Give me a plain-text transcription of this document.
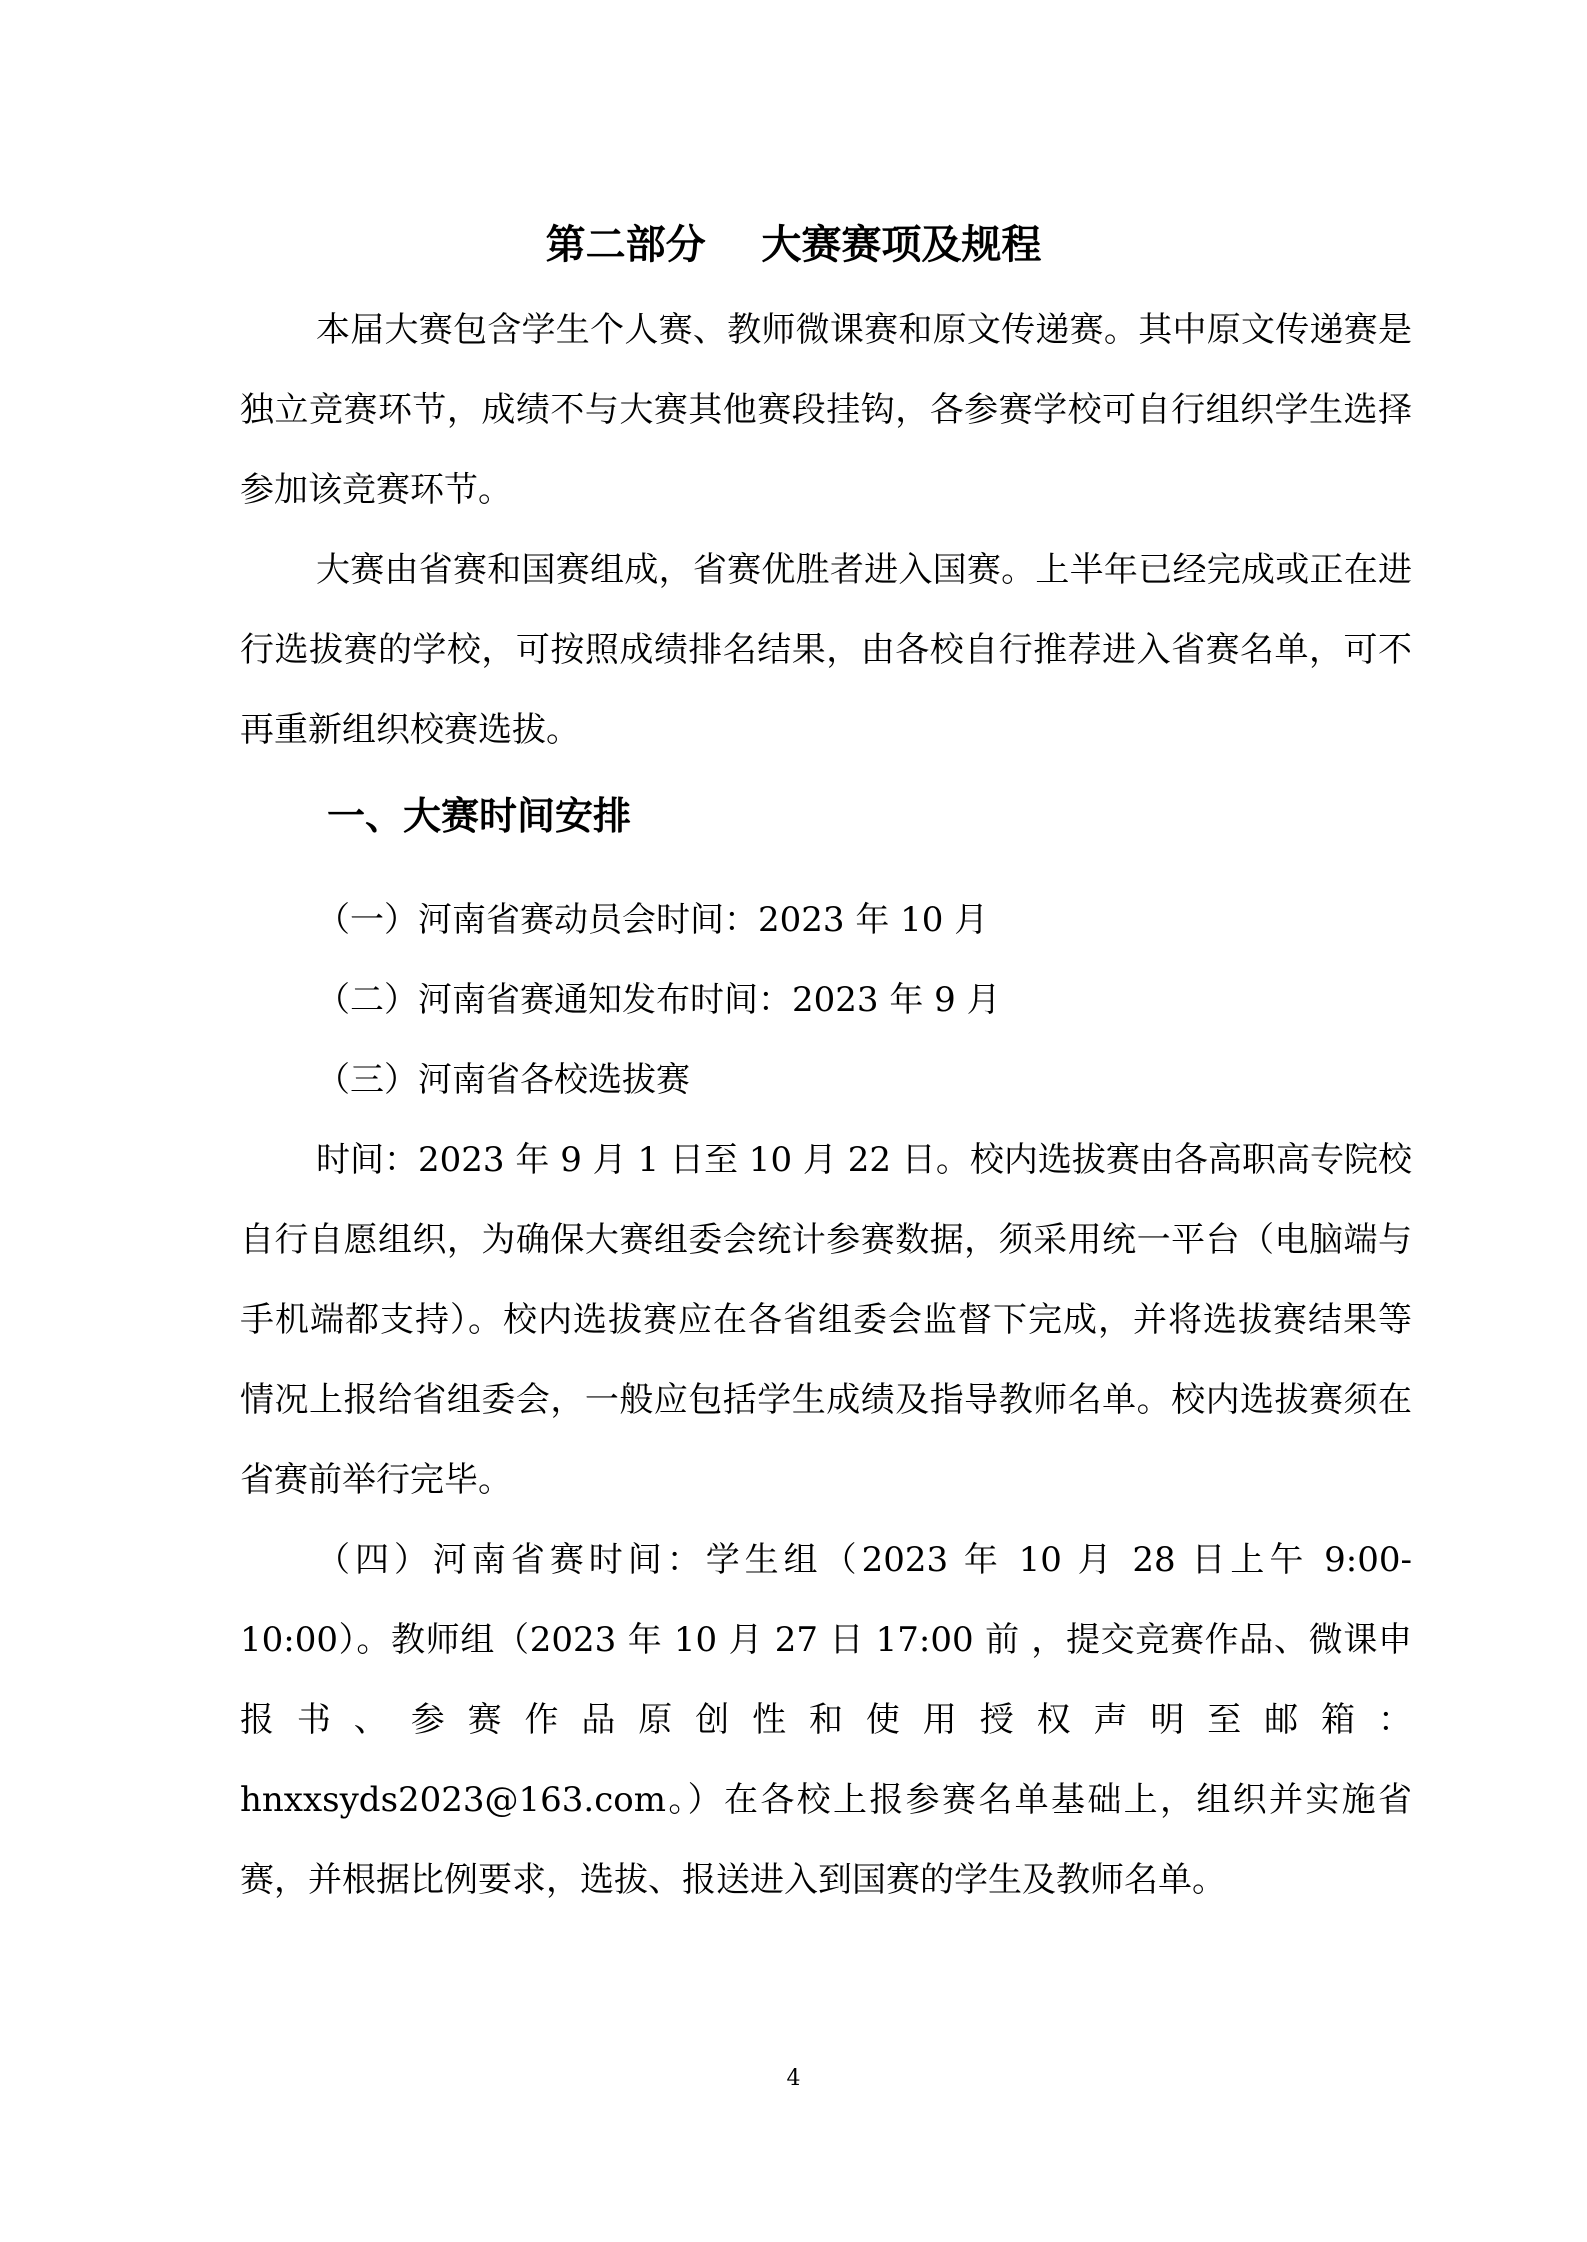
第二部分    大赛赛项及规程

本届大赛包含学生个人赛、教师微课赛和原文传递赛。其中原文传递赛是独立竞赛环节，成绩不与大赛其他赛段挂钩，各参赛学校可自行组织学生选择参加该竞赛环节。

大赛由省赛和国赛组成，省赛优胜者进入国赛。上半年已经完成或正在进行选拔赛的学校，可按照成绩排名结果，由各校自行推荐进入省赛名单，可不再重新组织校赛选拔。

一、大赛时间安排

（一）河南省赛动员会时间：2023 年 10 月

（二）河南省赛通知发布时间：2023 年 9 月

（三）河南省各校选拔赛

时间：2023 年 9 月 1 日至 10 月 22 日。校内选拔赛由各高职高专院校自行自愿组织，为确保大赛组委会统计参赛数据，须采用统一平台（电脑端与手机端都支持）。校内选拔赛应在各省组委会监督下完成，并将选拔赛结果等情况上报给省组委会，一般应包括学生成绩及指导教师名单。校内选拔赛须在省赛前举行完毕。

（四）河南省赛时间：学生组（2023 年 10 月 28 日上午 9:00-10:00）。教师组（2023 年 10 月 27 日 17:00 前 ，提交竞赛作品、微课申报书、参赛作品原创性和使用授权声明至邮箱：hnxxsyds2023@163.com。）在各校上报参赛名单基础上，组织并实施省赛，并根据比例要求，选拔、报送进入到国赛的学生及教师名单。

4
